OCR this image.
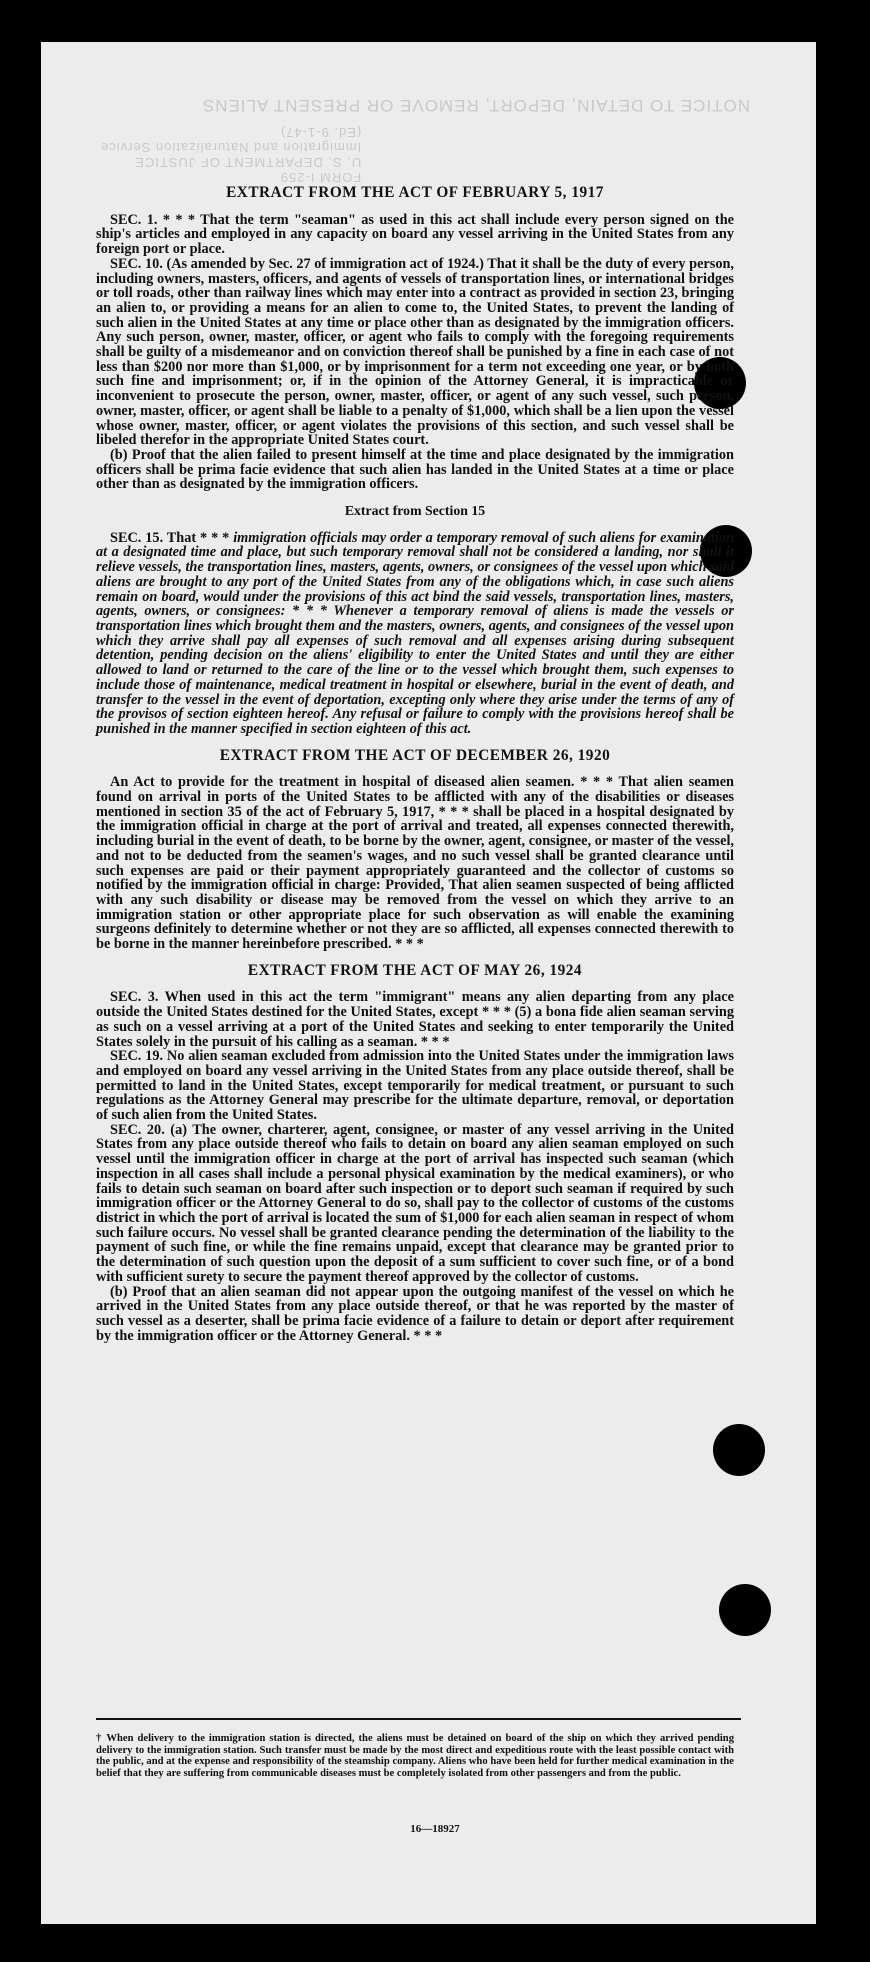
FORM I-259
U. S. DEPARTMENT OF JUSTICE
Immigration and Naturalization Service
(Ed. 9-1-47)
NOTICE TO DETAIN, DEPORT, REMOVE OR PRESENT ALIENS

EXTRACT FROM THE ACT OF FEBRUARY 5, 1917

SEC. 1. * * * That the term "seaman" as used in this act shall include every person signed on the ship's articles and employed in any capacity on board any vessel arriving in the United States from any foreign port or place.

SEC. 10. (As amended by Sec. 27 of immigration act of 1924.) That it shall be the duty of every person, including owners, masters, officers, and agents of vessels of transportation lines, or international bridges or toll roads, other than railway lines which may enter into a contract as provided in section 23, bringing an alien to, or providing a means for an alien to come to, the United States, to prevent the landing of such alien in the United States at any time or place other than as designated by the immigration officers. Any such person, owner, master, officer, or agent who fails to comply with the foregoing requirements shall be guilty of a misdemeanor and on conviction thereof shall be punished by a fine in each case of not less than $200 nor more than $1,000, or by imprisonment for a term not exceeding one year, or by both such fine and imprisonment; or, if in the opinion of the Attorney General, it is impracticable or inconvenient to prosecute the person, owner, master, officer, or agent of any such vessel, such person, owner, master, officer, or agent shall be liable to a penalty of $1,000, which shall be a lien upon the vessel whose owner, master, officer, or agent violates the provisions of this section, and such vessel shall be libeled therefor in the appropriate United States court.

(b) Proof that the alien failed to present himself at the time and place designated by the immigration officers shall be prima facie evidence that such alien has landed in the United States at a time or place other than as designated by the immigration officers.

Extract from Section 15

SEC. 15. That * * * immigration officials may order a temporary removal of such aliens for examination at a designated time and place, but such temporary removal shall not be considered a landing, nor shall it relieve vessels, the transportation lines, masters, agents, owners, or consignees of the vessel upon which said aliens are brought to any port of the United States from any of the obligations which, in case such aliens remain on board, would under the provisions of this act bind the said vessels, transportation lines, masters, agents, owners, or consignees: * * * Whenever a temporary removal of aliens is made the vessels or transportation lines which brought them and the masters, owners, agents, and consignees of the vessel upon which they arrive shall pay all expenses of such removal and all expenses arising during subsequent detention, pending decision on the aliens' eligibility to enter the United States and until they are either allowed to land or returned to the care of the line or to the vessel which brought them, such expenses to include those of maintenance, medical treatment in hospital or elsewhere, burial in the event of death, and transfer to the vessel in the event of deportation, excepting only where they arise under the terms of any of the provisos of section eighteen hereof. Any refusal or failure to comply with the provisions hereof shall be punished in the manner specified in section eighteen of this act.

EXTRACT FROM THE ACT OF DECEMBER 26, 1920

An Act to provide for the treatment in hospital of diseased alien seamen. * * * That alien seamen found on arrival in ports of the United States to be afflicted with any of the disabilities or diseases mentioned in section 35 of the act of February 5, 1917, * * * shall be placed in a hospital designated by the immigration official in charge at the port of arrival and treated, all expenses connected therewith, including burial in the event of death, to be borne by the owner, agent, consignee, or master of the vessel, and not to be deducted from the seamen's wages, and no such vessel shall be granted clearance until such expenses are paid or their payment appropriately guaranteed and the collector of customs so notified by the immigration official in charge: Provided, That alien seamen suspected of being afflicted with any such disability or disease may be removed from the vessel on which they arrive to an immigration station or other appropriate place for such observation as will enable the examining surgeons definitely to determine whether or not they are so afflicted, all expenses connected therewith to be borne in the manner hereinbefore prescribed. * * *

EXTRACT FROM THE ACT OF MAY 26, 1924

SEC. 3. When used in this act the term "immigrant" means any alien departing from any place outside the United States destined for the United States, except * * * (5) a bona fide alien seaman serving as such on a vessel arriving at a port of the United States and seeking to enter temporarily the United States solely in the pursuit of his calling as a seaman. * * *

SEC. 19. No alien seaman excluded from admission into the United States under the immigration laws and employed on board any vessel arriving in the United States from any place outside thereof, shall be permitted to land in the United States, except temporarily for medical treatment, or pursuant to such regulations as the Attorney General may prescribe for the ultimate departure, removal, or deportation of such alien from the United States.

SEC. 20. (a) The owner, charterer, agent, consignee, or master of any vessel arriving in the United States from any place outside thereof who fails to detain on board any alien seaman employed on such vessel until the immigration officer in charge at the port of arrival has inspected such seaman (which inspection in all cases shall include a personal physical examination by the medical examiners), or who fails to detain such seaman on board after such inspection or to deport such seaman if required by such immigration officer or the Attorney General to do so, shall pay to the collector of customs of the customs district in which the port of arrival is located the sum of $1,000 for each alien seaman in respect of whom such failure occurs. No vessel shall be granted clearance pending the determination of the liability to the payment of such fine, or while the fine remains unpaid, except that clearance may be granted prior to the determination of such question upon the deposit of a sum sufficient to cover such fine, or of a bond with sufficient surety to secure the payment thereof approved by the collector of customs.

(b) Proof that an alien seaman did not appear upon the outgoing manifest of the vessel on which he arrived in the United States from any place outside thereof, or that he was reported by the master of such vessel as a deserter, shall be prima facie evidence of a failure to detain or deport after requirement by the immigration officer or the Attorney General. * * *

† When delivery to the immigration station is directed, the aliens must be detained on board of the ship on which they arrived pending delivery to the immigration station. Such transfer must be made by the most direct and expeditious route with the least possible contact with the public, and at the expense and responsibility of the steamship company. Aliens who have been held for further medical examination in the belief that they are suffering from communicable diseases must be completely isolated from other passengers and from the public.
16—18927
